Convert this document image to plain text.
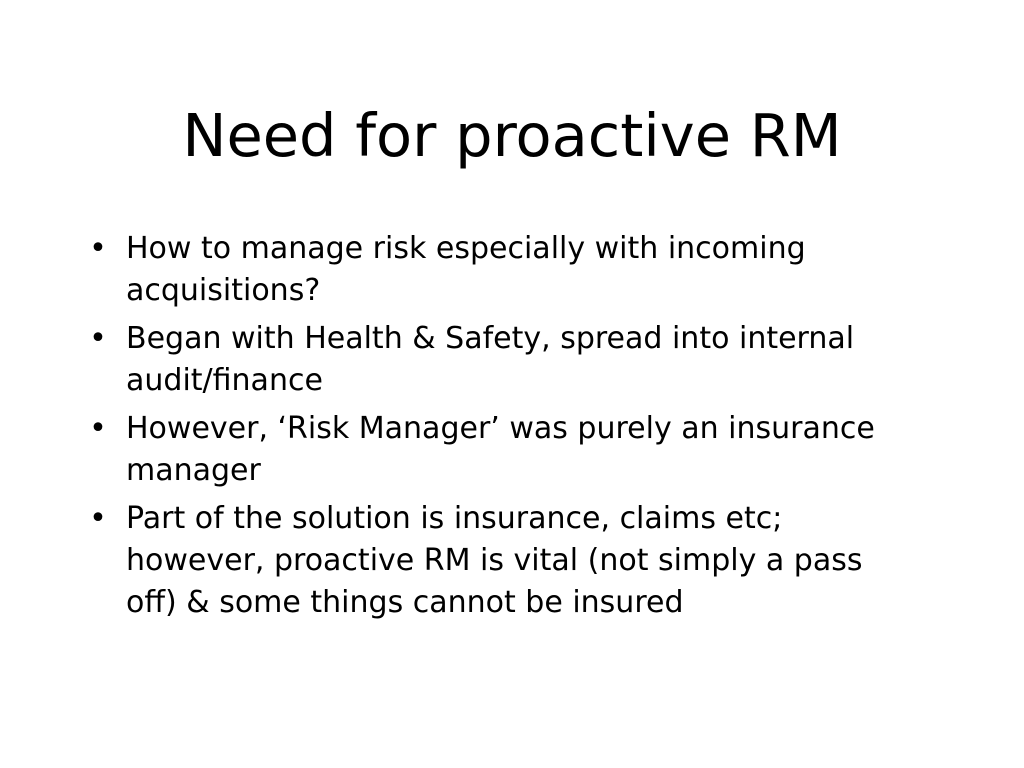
Need for proactive RM
• How to manage risk especially with incoming acquisitions?
• Began with Health & Safety, spread into internal audit/finance
• However, ‘Risk Manager’ was purely an insurance manager
• Part of the solution is insurance, claims etc; however, proactive RM is vital (not simply a pass off) & some things cannot be insured
